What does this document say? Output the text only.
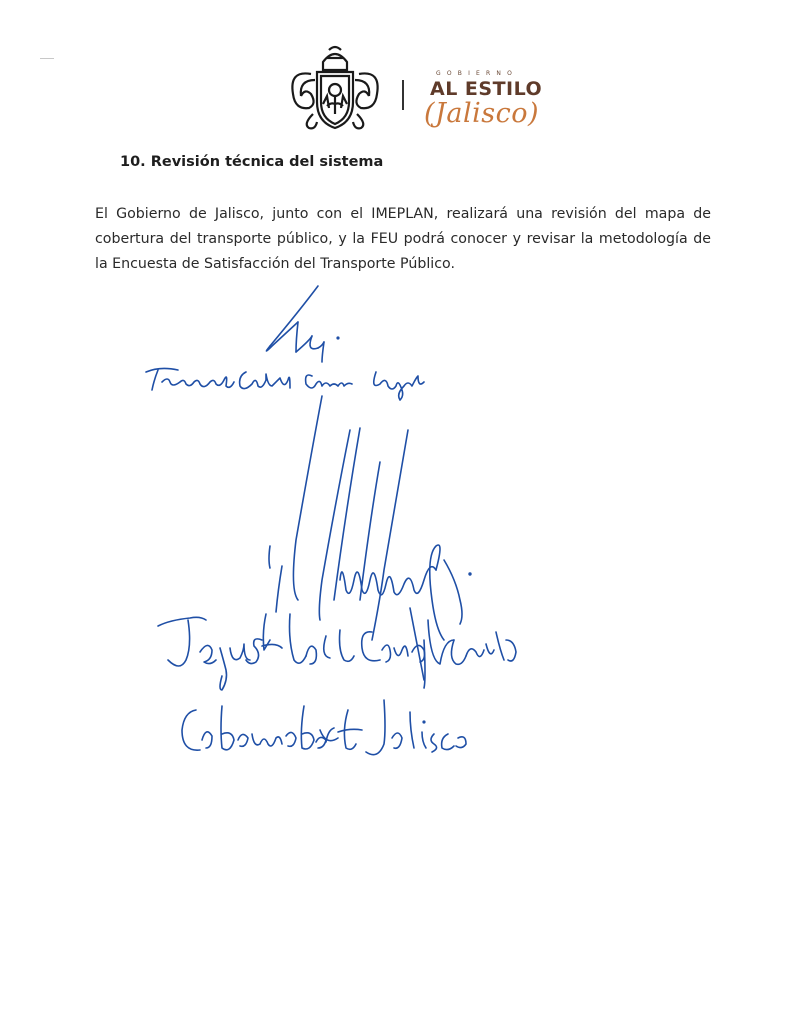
GOBIERNO
AL ESTILO
(Jalisco)
10. Revisión técnica del sistema
El Gobierno de Jalisco, junto con el IMEPLAN, realizará una revisión del mapa de cobertura del transporte público, y la FEU podrá conocer y revisar la metodología de la Encuesta de Satisfacción del Transporte Público.
